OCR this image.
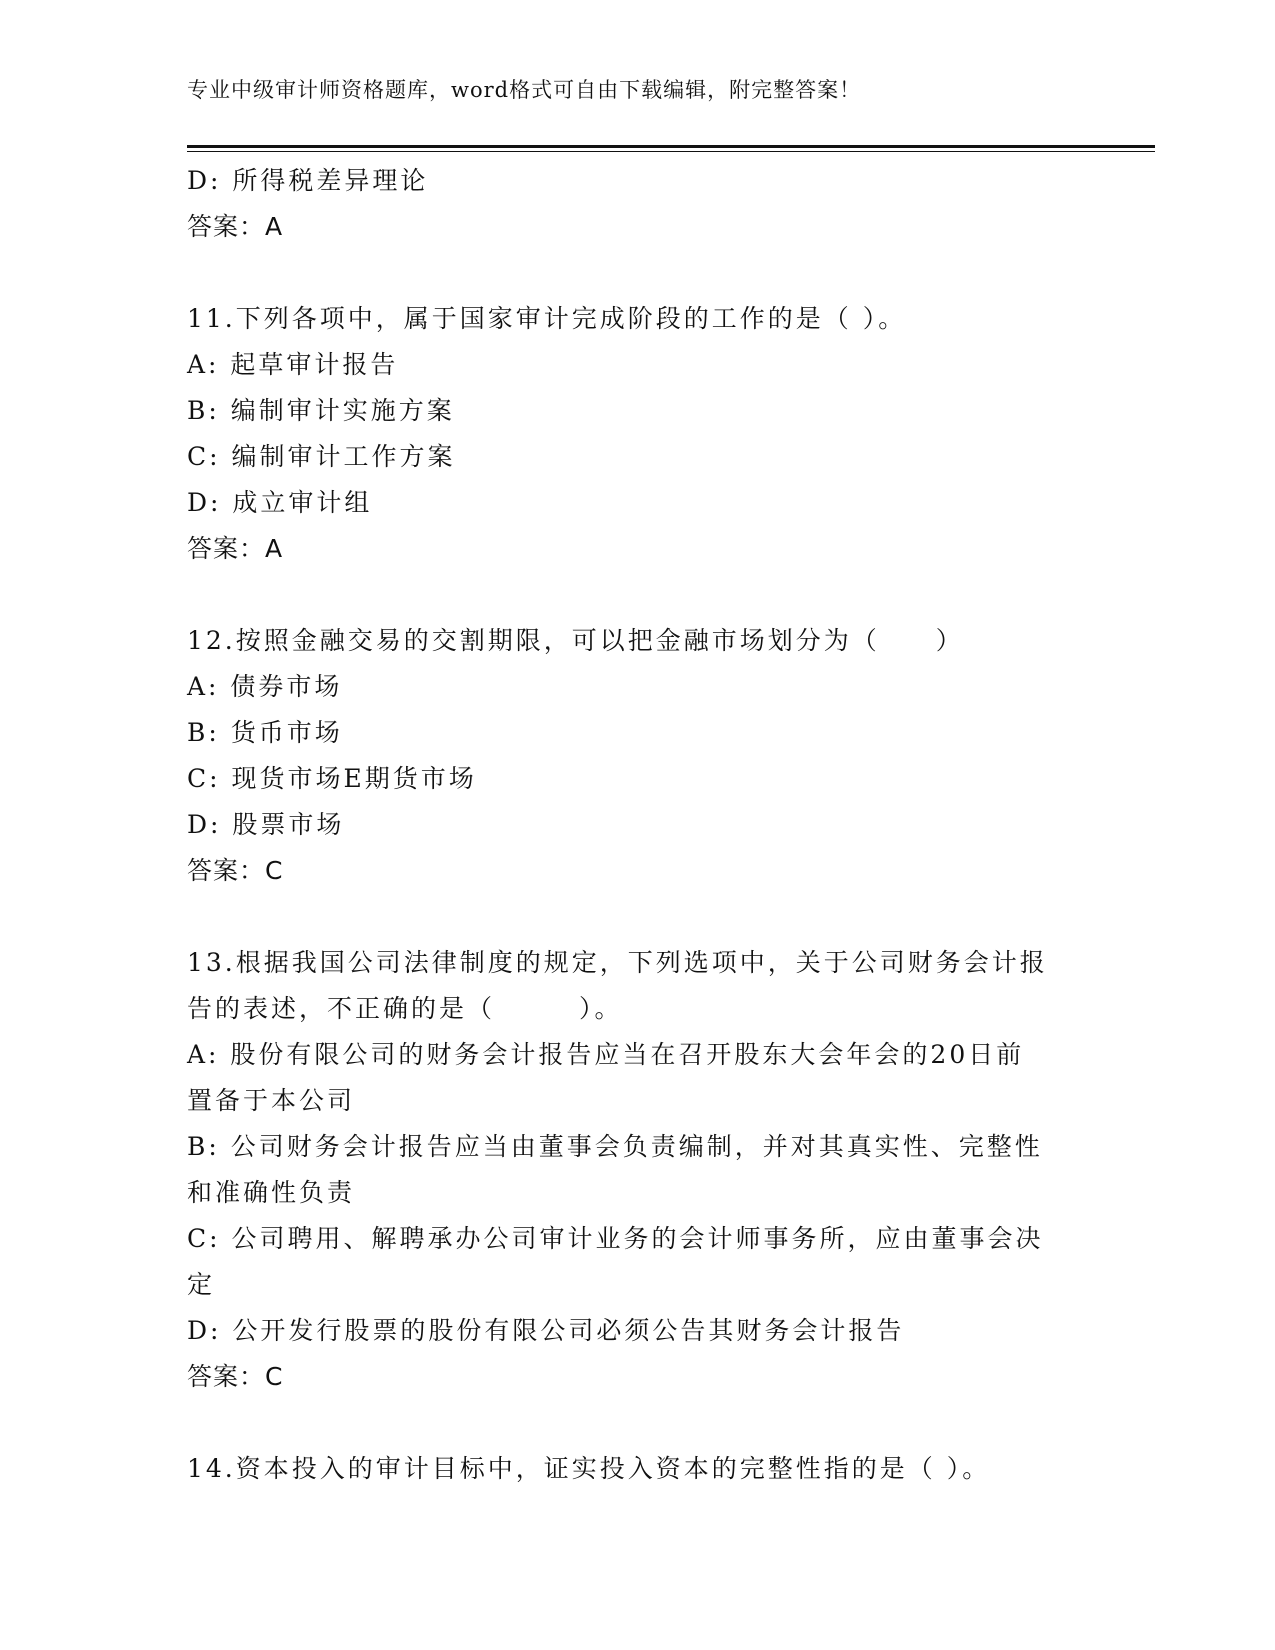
专业中级审计师资格题库，word格式可自由下载编辑，附完整答案！
D: 所得税差异理论
答案：A
11.下列各项中，属于国家审计完成阶段的工作的是（ ）。
A: 起草审计报告
B: 编制审计实施方案
C: 编制审计工作方案
D: 成立审计组
答案：A
12.按照金融交易的交割期限，可以把金融市场划分为（　　）
A: 债券市场
B: 货币市场
C: 现货市场E期货市场
D: 股票市场
答案：C
13.根据我国公司法律制度的规定，下列选项中，关于公司财务会计报
告的表述，不正确的是（　　　）。
A: 股份有限公司的财务会计报告应当在召开股东大会年会的20日前
置备于本公司
B: 公司财务会计报告应当由董事会负责编制，并对其真实性、完整性
和准确性负责
C: 公司聘用、解聘承办公司审计业务的会计师事务所，应由董事会决
定
D: 公开发行股票的股份有限公司必须公告其财务会计报告
答案：C
14.资本投入的审计目标中，证实投入资本的完整性指的是（ ）。
